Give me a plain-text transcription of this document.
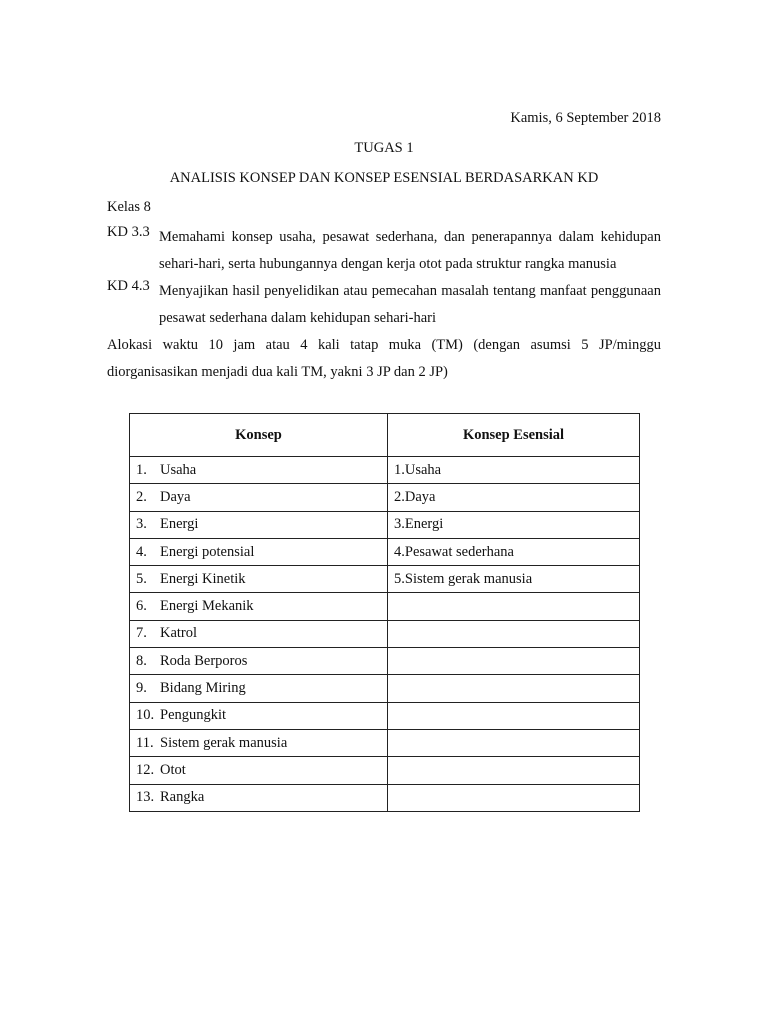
Kamis, 6 September 2018
TUGAS 1
ANALISIS KONSEP DAN KONSEP ESENSIAL BERDASARKAN KD
Kelas 8
KD 3.3 Memahami konsep usaha, pesawat sederhana, dan penerapannya dalam kehidupan sehari-hari, serta hubungannya dengan kerja otot pada struktur rangka manusia
KD 4.3 Menyajikan hasil penyelidikan atau pemecahan masalah tentang manfaat penggunaan pesawat sederhana dalam kehidupan sehari-hari
Alokasi waktu 10 jam atau 4 kali tatap muka (TM) (dengan asumsi 5 JP/minggu diorganisasikan menjadi dua kali TM, yakni 3 JP dan 2 JP)
Konsep	Konsep Esensial
1. Usaha	1.Usaha
2. Daya	2.Daya
3. Energi	3.Energi
4. Energi potensial	4.Pesawat sederhana
5. Energi Kinetik	5.Sistem gerak manusia
6. Energi Mekanik	
7. Katrol	
8. Roda Berporos	
9. Bidang Miring	
10. Pengungkit	
11. Sistem gerak manusia	
12. Otot	
13. Rangka	
